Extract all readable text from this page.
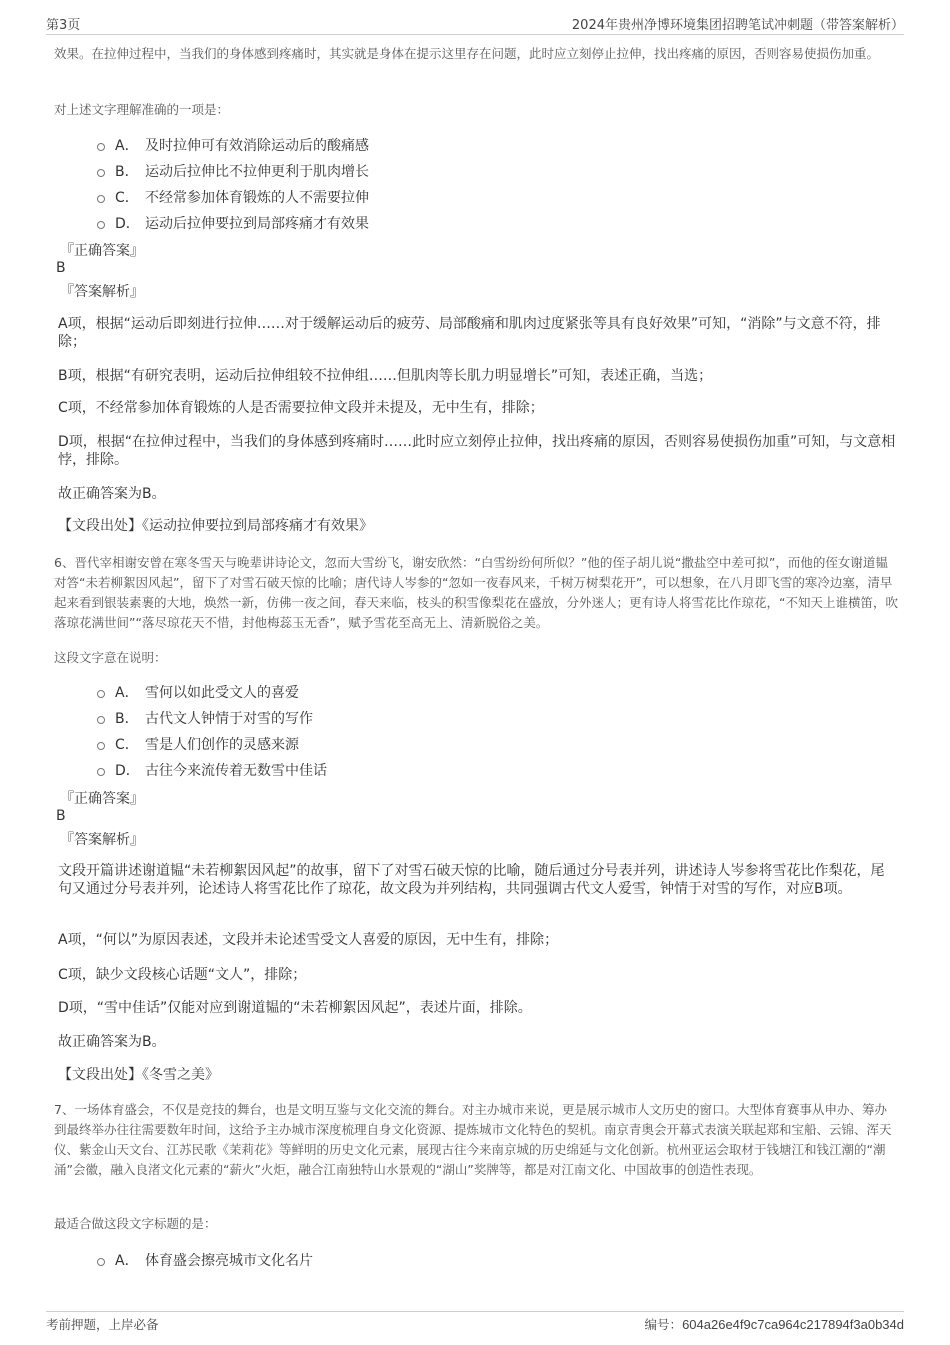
第3页	2024年贵州净博环境集团招聘笔试冲刺题（带答案解析）
效果。在拉伸过程中，当我们的身体感到疼痛时，其实就是身体在提示这里存在问题，此时应立刻停止拉伸，找出疼痛的原因，否则容易使损伤加重。
对上述文字理解准确的一项是：
A． 及时拉伸可有效消除运动后的酸痛感
B． 运动后拉伸比不拉伸更利于肌肉增长
C． 不经常参加体育锻炼的人不需要拉伸
D． 运动后拉伸要拉到局部疼痛才有效果
『正确答案』
B
『答案解析』
A项，根据“运动后即刻进行拉伸……对于缓解运动后的疲劳、局部酸痛和肌肉过度紧张等具有良好效果”可知，“消除”与文意不符，排除；
B项，根据“有研究表明，运动后拉伸组较不拉伸组……但肌肉等长肌力明显增长”可知，表述正确，当选；
C项，不经常参加体育锻炼的人是否需要拉伸文段并未提及，无中生有，排除；
D项，根据“在拉伸过程中，当我们的身体感到疼痛时……此时应立刻停止拉伸，找出疼痛的原因，否则容易使损伤加重”可知，与文意相悖，排除。
故正确答案为B。
【文段出处】《运动拉伸要拉到局部疼痛才有效果》
6、晋代宰相谢安曾在寒冬雪天与晚辈讲诗论文，忽而大雪纷飞，谢安欣然：“白雪纷纷何所似？”他的侄子胡儿说“撒盐空中差可拟”，而他的侄女谢道韫对答“未若柳絮因风起”，留下了对雪石破天惊的比喻；唐代诗人岑参的“忽如一夜春风来，千树万树梨花开”，可以想象，在八月即飞雪的寒冷边塞，清早起来看到银装素裹的大地，焕然一新，仿佛一夜之间，春天来临，枝头的积雪像梨花在盛放，分外迷人；更有诗人将雪花比作琼花，“不知天上谁横笛，吹落琼花满世间”“落尽琼花天不惜，封他梅蕊玉无香”，赋予雪花至高无上、清新脱俗之美。
这段文字意在说明：
A． 雪何以如此受文人的喜爱
B． 古代文人钟情于对雪的写作
C． 雪是人们创作的灵感来源
D． 古往今来流传着无数雪中佳话
『正确答案』
B
『答案解析』
文段开篇讲述谢道韫“未若柳絮因风起”的故事，留下了对雪石破天惊的比喻，随后通过分号表并列，讲述诗人岑参将雪花比作梨花，尾句又通过分号表并列，论述诗人将雪花比作了琼花，故文段为并列结构，共同强调古代文人爱雪，钟情于对雪的写作，对应B项。
A项，“何以”为原因表述，文段并未论述雪受文人喜爱的原因，无中生有，排除；
C项，缺少文段核心话题“文人”，排除；
D项，“雪中佳话”仅能对应到谢道韫的“未若柳絮因风起”，表述片面，排除。
故正确答案为B。
【文段出处】《冬雪之美》
7、一场体育盛会，不仅是竞技的舞台，也是文明互鉴与文化交流的舞台。对主办城市来说，更是展示城市人文历史的窗口。大型体育赛事从申办、筹办到最终举办往往需要数年时间，这给予主办城市深度梳理自身文化资源、提炼城市文化特色的契机。南京青奥会开幕式表演关联起郑和宝船、云锦、浑天仪、紫金山天文台、江苏民歌《茉莉花》等鲜明的历史文化元素，展现古往今来南京城的历史绵延与文化创新。杭州亚运会取材于钱塘江和钱江潮的“潮涌”会徽，融入良渚文化元素的“薪火”火炬，融合江南独特山水景观的“湖山”奖牌等，都是对江南文化、中国故事的创造性表现。
最适合做这段文字标题的是：
A． 体育盛会擦亮城市文化名片
考前押题，上岸必备	编号：604a26e4f9c7ca964c217894f3a0b34d
